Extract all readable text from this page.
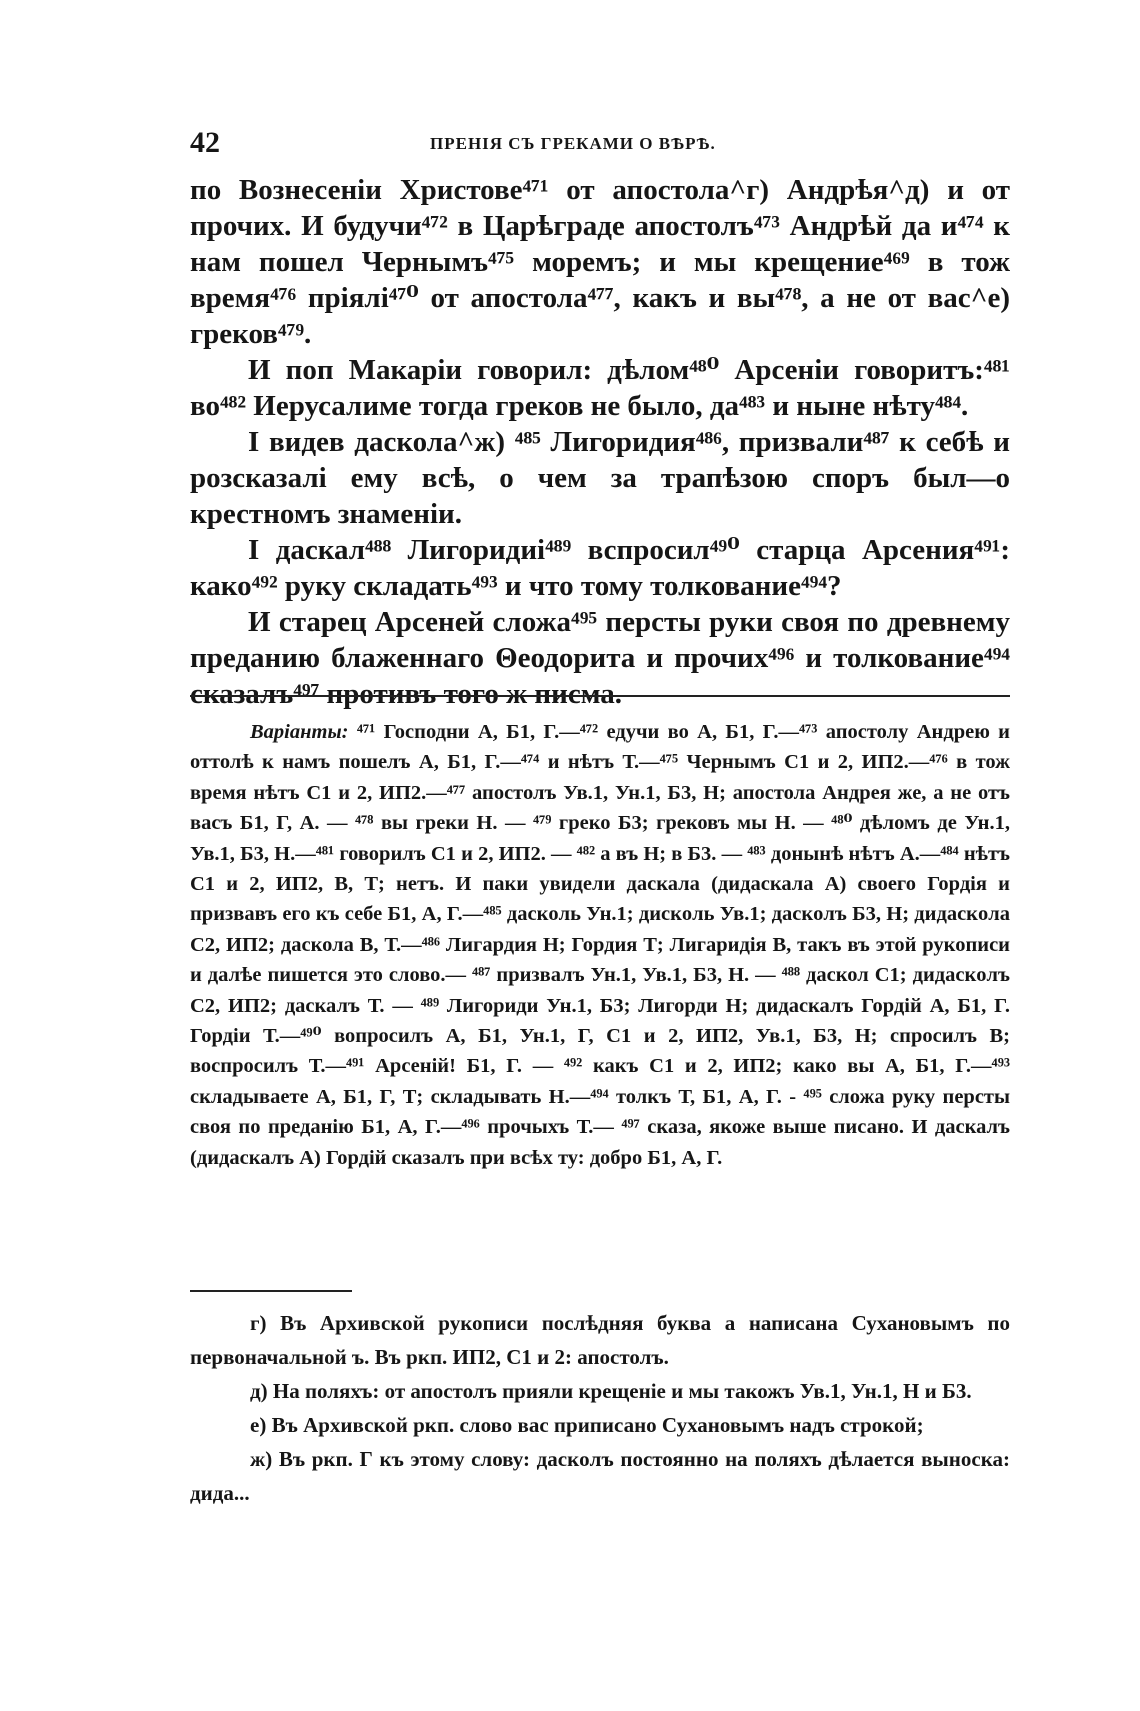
42	ПРЕНІЯ СЪ ГРЕКАМИ О ВѢРѢ.

по Вознесенiи Христове⁴⁷¹ от апостола^г) Андрѣя^д) и от прочих. И будучи⁴⁷² в Царѣграде апостолъ⁴⁷³ Андрѣй да и⁴⁷⁴ к нам пошел Чернымъ⁴⁷⁵ моремъ; и мы крещение⁴⁶⁹ в тож время⁴⁷⁶ прiялi⁴⁷⁰ от апостола⁴⁷⁷, какъ и вы⁴⁷⁸, а не от вас^е) греков⁴⁷⁹.

И поп Макарiи говорил: дѣлом⁴⁸⁰ Арсенiи говоритъ:⁴⁸¹ во⁴⁸² Иерусалиме тогда греков не было, да⁴⁸³ и ныне нѣту⁴⁸⁴.

I видев даскола^ж) ⁴⁸⁵ Лигоридия⁴⁸⁶, призвали⁴⁸⁷ к себѣ и розсказалi ему всѣ, о чем за трапѣзою споръ был—о крестномъ знаменiи.

I даскал⁴⁸⁸ Лигоридиi⁴⁸⁹ вспросил⁴⁹⁰ старца Арсения⁴⁹¹: како⁴⁹² руку складать⁴⁹³ и что тому толкование⁴⁹⁴?

И старец Арсеней сложа⁴⁹⁵ персты руки своя по древнему преданию блаженнаго Θеодорита и прочих⁴⁹⁶ и толкование⁴⁹⁴ сказалъ⁴⁹⁷ противъ того ж писма.

Варiанты: ⁴⁷¹ Господни А, Б1, Г.—⁴⁷² едучи во А, Б1, Г.—⁴⁷³ апостолу Андрею и оттолѣ к намъ пошелъ А, Б1, Г.—⁴⁷⁴ и нѣтъ Т.—⁴⁷⁵ Чернымъ С1 и 2, ИП2.—⁴⁷⁶ в тож время нѣтъ С1 и 2, ИП2.—⁴⁷⁷ апостолъ Ув.1, Ун.1, Б3, Н; апостола Андрея же, а не отъ васъ Б1, Г, А. — ⁴⁷⁸ вы греки Н. — ⁴⁷⁹ греко Б3; грековъ мы Н. — ⁴⁸⁰ дѣломъ де Ун.1, Ув.1, Б3, Н.—⁴⁸¹ говорилъ С1 и 2, ИП2. — ⁴⁸² а въ Н; в Б3. — ⁴⁸³ донынѣ нѣтъ А.—⁴⁸⁴ нѣтъ С1 и 2, ИП2, В, Т; нетъ. И паки увидели даскала (дидаскала А) своего Гордiя и призвавъ его къ себе Б1, А, Г.—⁴⁸⁵ даскoль Ун.1; дискoль Ув.1; даскoлъ Б3, Н; дидаскoла С2, ИП2; даскола В, Т.—⁴⁸⁶ Лигардия Н; Гордия Т; Лигаридiя В, такъ въ этой рукописи и далѣе пишется это слово.— ⁴⁸⁷ призвалъ Ун.1, Ув.1, Б3, Н. — ⁴⁸⁸ даскол С1; дидаскoлъ С2, ИП2; даскалъ Т. — ⁴⁸⁹ Лигориди Ун.1, Б3; Лигорди Н; дидаскалъ Гордiй А, Б1, Г. Гордiи Т.—⁴⁹⁰ вопросилъ А, Б1, Ун.1, Г, С1 и 2, ИП2, Ув.1, Б3, Н; спросилъ В; воспросилъ Т.—⁴⁹¹ Арсенiй! Б1, Г. — ⁴⁹² какъ С1 и 2, ИП2; како вы А, Б1, Г.—⁴⁹³ складываете А, Б1, Г, Т; складывать Н.—⁴⁹⁴ толкъ Т, Б1, А, Г. - ⁴⁹⁵ сложа руку персты своя по преданiю Б1, А, Г.—⁴⁹⁶ прочыхъ Т.— ⁴⁹⁷ сказа, якоже выше писано. И даскалъ (дидаскалъ А) Гордiй сказалъ при всѣх ту: добро Б1, А, Г.

г) Въ Архивской рукописи послѣдняя буква а написана Сухановымъ по первоначальной ъ. Въ ркп. ИП2, С1 и 2: апостолъ.

д) На поляхъ: от апостолъ прияли крещенiе и мы такожъ Ув.1, Ун.1, Н и Б3.

е) Въ Архивской ркп. слово вас приписано Сухановымъ надъ строкой;

ж) Въ ркп. Г къ этому слову: даскoлъ постоянно на поляхъ дѣлается выноска: дида...
